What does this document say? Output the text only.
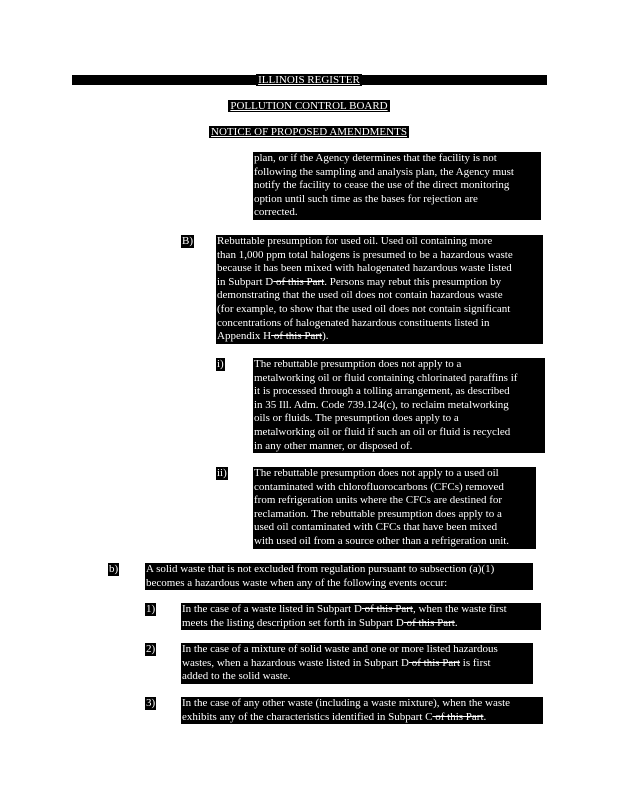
ILLINOIS REGISTER
POLLUTION CONTROL BOARD
NOTICE OF PROPOSED AMENDMENTS
plan, or if the Agency determines that the facility is not
following the sampling and analysis plan, the Agency must
notify the facility to cease the use of the direct monitoring
option until such time as the bases for rejection are
corrected.
B) Rebuttable presumption for used oil. Used oil containing more
than 1,000 ppm total halogens is presumed to be a hazardous waste
because it has been mixed with halogenated hazardous waste listed
in Subpart D of this Part. Persons may rebut this presumption by
demonstrating that the used oil does not contain hazardous waste
(for example, to show that the used oil does not contain significant
concentrations of halogenated hazardous constituents listed in
Appendix H of this Part).
i)	The rebuttable presumption does not apply to a
metalworking oil or fluid containing chlorinated paraffins if
it is processed through a tolling arrangement, as described
in 35 Ill. Adm. Code 739.124(c), to reclaim metalworking
oils or fluids. The presumption does apply to a
metalworking oil or fluid if such an oil or fluid is recycled
in any other manner, or disposed of.
ii) The rebuttable presumption does not apply to a used oil
contaminated with chlorofluorocarbons (CFCs) removed
from refrigeration units where the CFCs are destined for
reclamation. The rebuttable presumption does apply to a
used oil contaminated with CFCs that have been mixed
with used oil from a source other than a refrigeration unit.
b)	A solid waste that is not excluded from regulation pursuant to subsection (a)(1)
becomes a hazardous waste when any of the following events occur:
1) In the case of a waste listed in Subpart D of this Part, when the waste first
meets the listing description set forth in Subpart D of this Part.
2) In the case of a mixture of solid waste and one or more listed hazardous
wastes, when a hazardous waste listed in Subpart D of this Part is first
added to the solid waste.
3) In the case of any other waste (including a waste mixture), when the waste
exhibits any of the characteristics identified in Subpart C of this Part.
